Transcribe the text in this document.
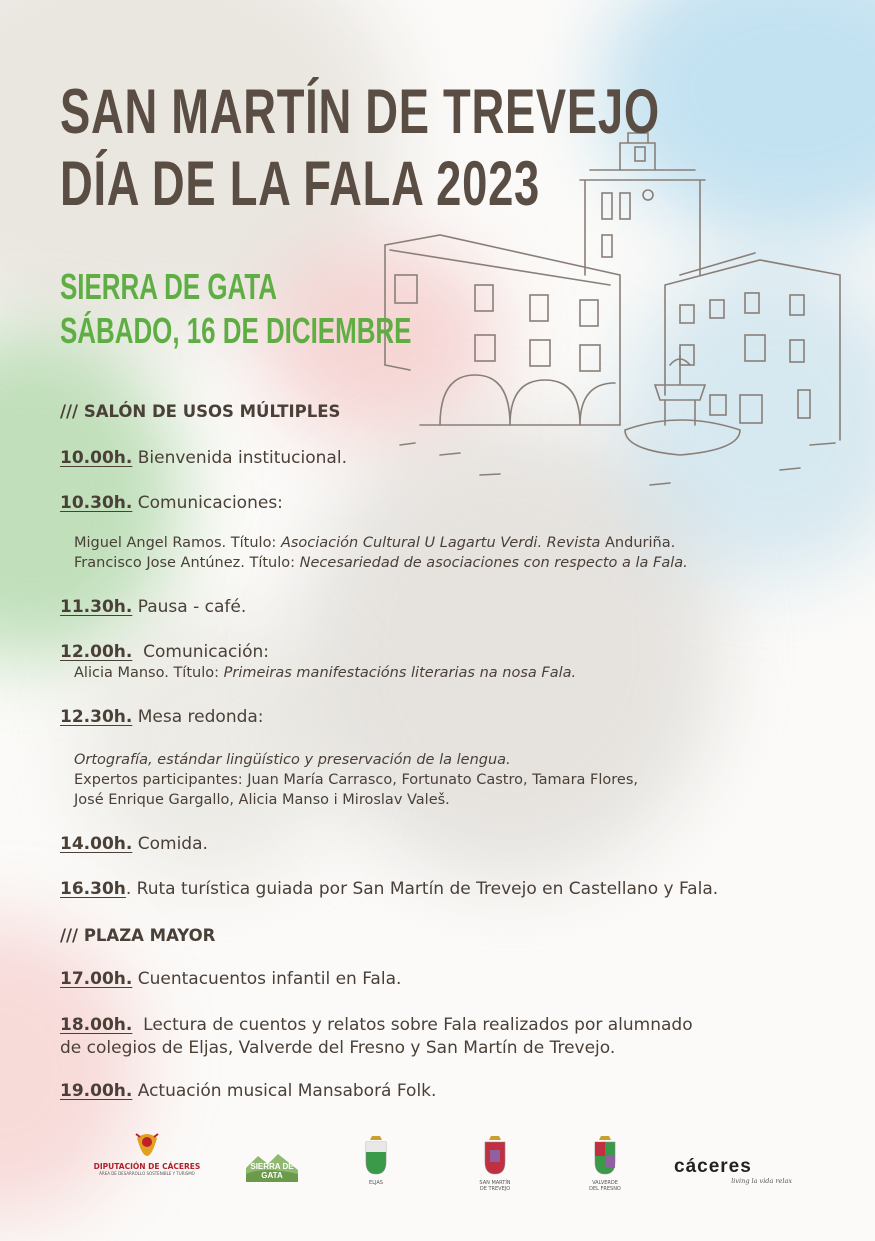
SAN MARTÍN DE TREVEJO
DÍA DE LA FALA 2023
SIERRA DE GATA
SÁBADO, 16 DE DICIEMBRE
/// SALÓN DE USOS MÚLTIPLES
10.00h. Bienvenida institucional.
10.30h. Comunicaciones:
Miguel Angel Ramos. Título: Asociación Cultural U Lagartu Verdi. Revista Anduriña.
Francisco Jose Antúnez. Título: Necesariedad de asociaciones con respecto a la Fala.
11.30h. Pausa - café.
12.00h.  Comunicación:
Alicia Manso. Título: Primeiras manifestacións literarias na nosa Fala.
12.30h. Mesa redonda:
Ortografía, estándar lingüístico y preservación de la lengua.
Expertos participantes: Juan María Carrasco, Fortunato Castro, Tamara Flores,
José Enrique Gargallo, Alicia Manso i Miroslav Valeš.
14.00h. Comida.
16.30h. Ruta turística guiada por San Martín de Trevejo en Castellano y Fala.
/// PLAZA MAYOR
17.00h. Cuentacuentos infantil en Fala.
18.00h.  Lectura de cuentos y relatos sobre Fala realizados por alumnado
de colegios de Eljas, Valverde del Fresno y San Martín de Trevejo.
19.00h. Actuación musical Mansaborá Folk.
DIPUTACIÓN DE CÁCERES
ÁREA DE DESARROLLO SOSTENIBLE Y TURISMO
SIERRA DE GATA
ELJAS	SAN MARTÍN DE TREVEJO
VALVERDE DEL FRESNO
cáceres
living la vida relax
